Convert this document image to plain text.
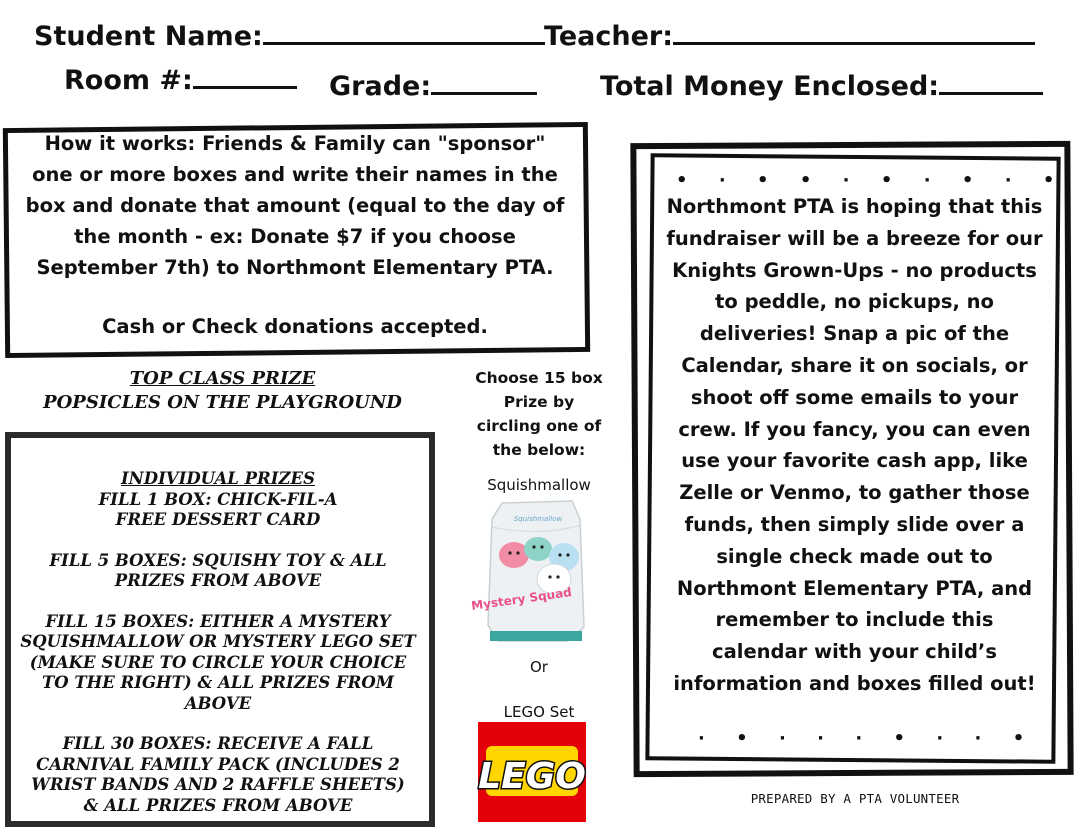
Student Name:	Teacher:
Room #:	Grade:	Total Money Enclosed:
How it works: Friends & Family can "sponsor" one or more boxes and write their names in the box and donate that amount (equal to the day of the month - ex: Donate $7 if you choose September 7th) to Northmont Elementary PTA.
Cash or Check donations accepted.
TOP CLASS PRIZE
POPSICLES ON THE PLAYGROUND
INDIVIDUAL PRIZES
FILL 1 BOX: CHICK-FIL-A FREE DESSERT CARD
FILL 5 BOXES: SQUISHY TOY & ALL PRIZES FROM ABOVE
FILL 15 BOXES: EITHER A MYSTERY SQUISHMALLOW OR MYSTERY LEGO SET (MAKE SURE TO CIRCLE YOUR CHOICE TO THE RIGHT) & ALL PRIZES FROM ABOVE
FILL 30 BOXES: RECEIVE A FALL CARNIVAL FAMILY PACK (INCLUDES 2 WRIST BANDS AND 2 RAFFLE SHEETS) & ALL PRIZES FROM ABOVE
Choose 15 box Prize by circling one of the below:
Squishmallow
Squishmallow
Mystery Squad
Or
LEGO Set
LEGO
•     ·     •     •     ·     •     ·     •     ·     •
Northmont PTA is hoping that this fundraiser will be a breeze for our Knights Grown-Ups - no products to peddle, no pickups, no deliveries! Snap a pic of the Calendar, share it on socials, or shoot off some emails to your crew. If you fancy, you can even use your favorite cash app, like Zelle or Venmo, to gather those funds, then simply slide over a single check made out to Northmont Elementary PTA, and remember to include this calendar with your child’s information and boxes filled out!
·     •     ·     ·     ·     •     ·     ·     •
PREPARED BY A PTA VOLUNTEER
